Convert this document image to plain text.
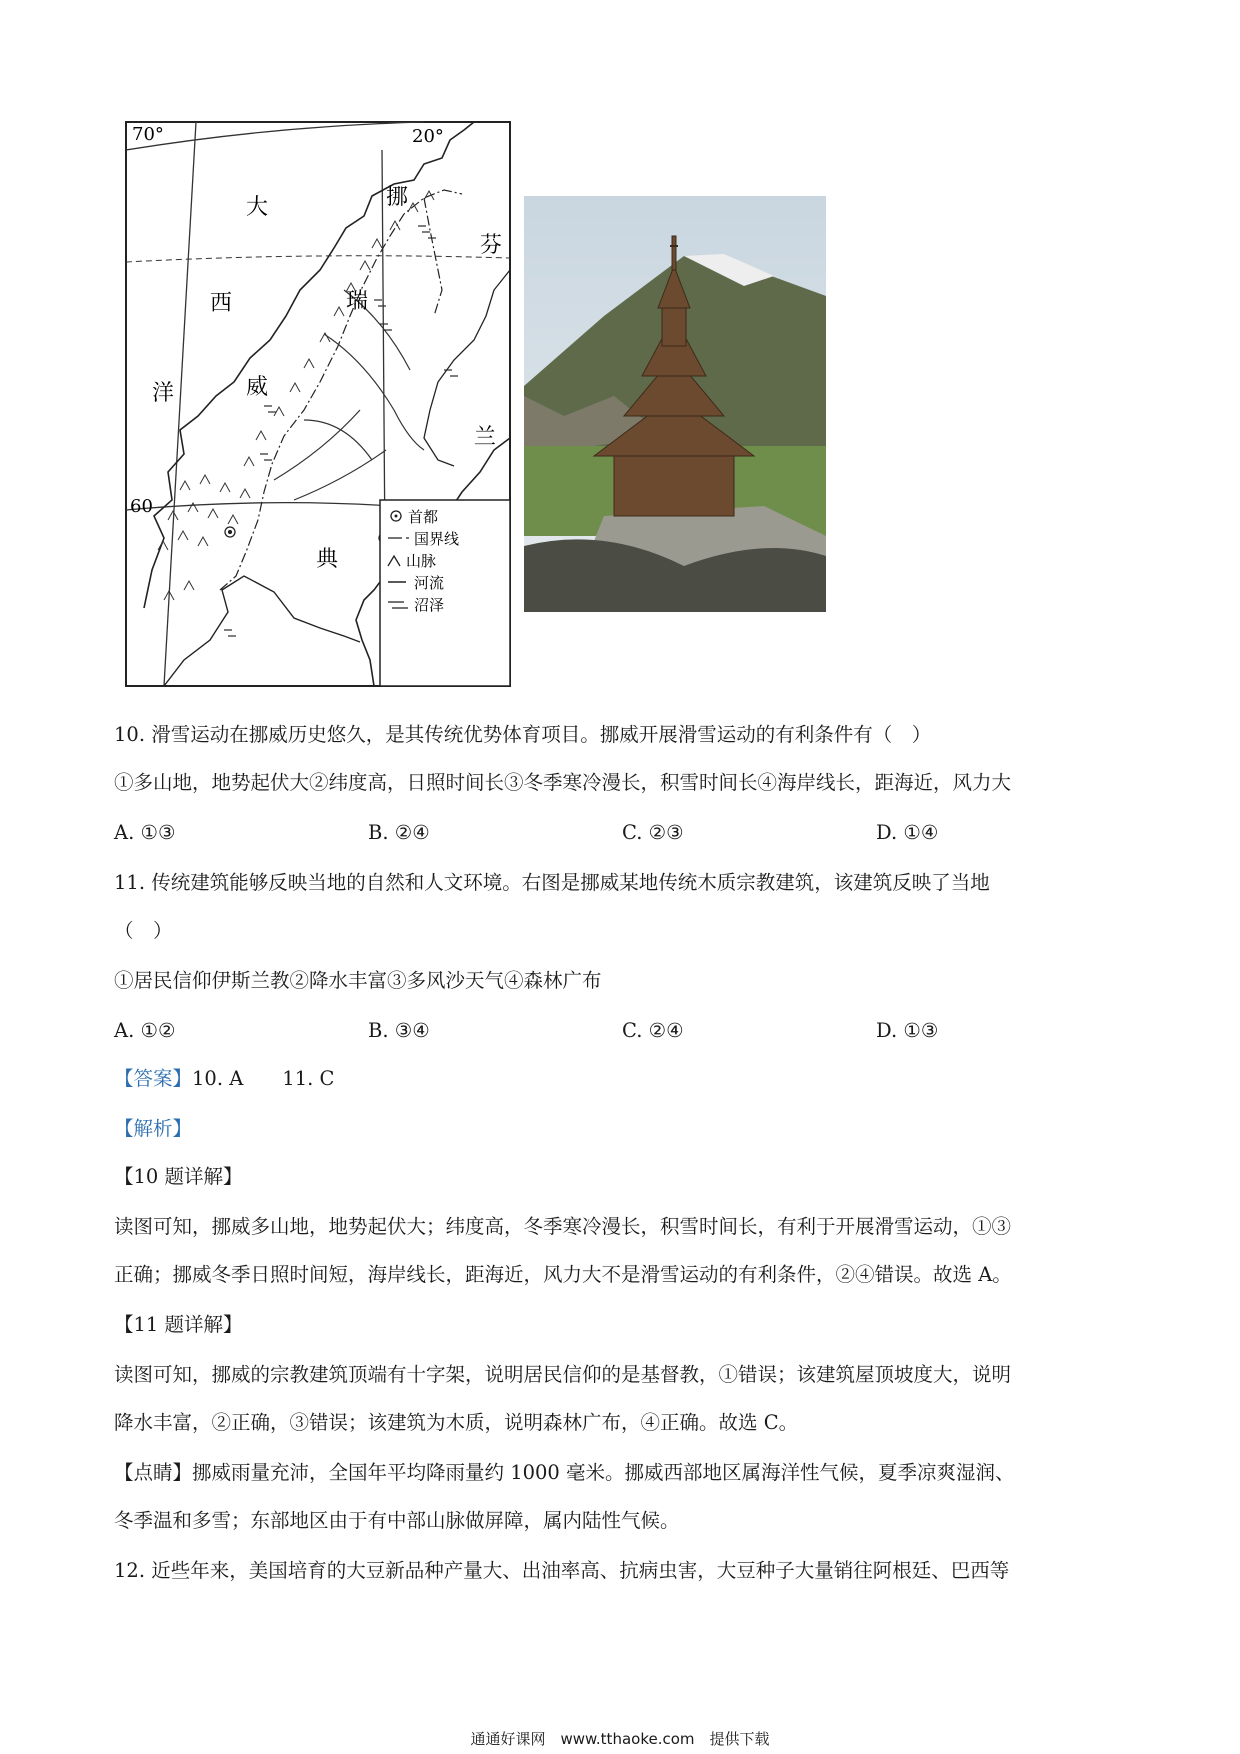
70°	20°
60
大
西
洋
挪
威
瑞
典
芬
兰
首都
国界线
山脉
河流
沼泽
10. 滑雪运动在挪威历史悠久，是其传统优势体育项目。挪威开展滑雪运动的有利条件有（　）
①多山地，地势起伏大②纬度高，日照时间长③冬季寒冷漫长，积雪时间长④海岸线长，距海近，风力大
A. ①③	B. ②④	C. ②③	D. ①④
11. 传统建筑能够反映当地的自然和人文环境。右图是挪威某地传统木质宗教建筑，该建筑反映了当地
（　）
①居民信仰伊斯兰教②降水丰富③多风沙天气④森林广布
A. ①②	B. ③④	C. ②④	D. ①③
【答案】10. A　　11. C
【解析】
【10 题详解】
读图可知，挪威多山地，地势起伏大；纬度高，冬季寒冷漫长，积雪时间长，有利于开展滑雪运动，①③
正确；挪威冬季日照时间短，海岸线长，距海近，风力大不是滑雪运动的有利条件，②④错误。故选 A。
【11 题详解】
读图可知，挪威的宗教建筑顶端有十字架，说明居民信仰的是基督教，①错误；该建筑屋顶坡度大，说明
降水丰富，②正确，③错误；该建筑为木质，说明森林广布，④正确。故选 C。
【点睛】挪威雨量充沛，全国年平均降雨量约 1000 毫米。挪威西部地区属海洋性气候，夏季凉爽湿润、
冬季温和多雪；东部地区由于有中部山脉做屏障，属内陆性气候。
12. 近些年来，美国培育的大豆新品种产量大、出油率高、抗病虫害，大豆种子大量销往阿根廷、巴西等
通通好课网　www.tthaoke.com　提供下载
